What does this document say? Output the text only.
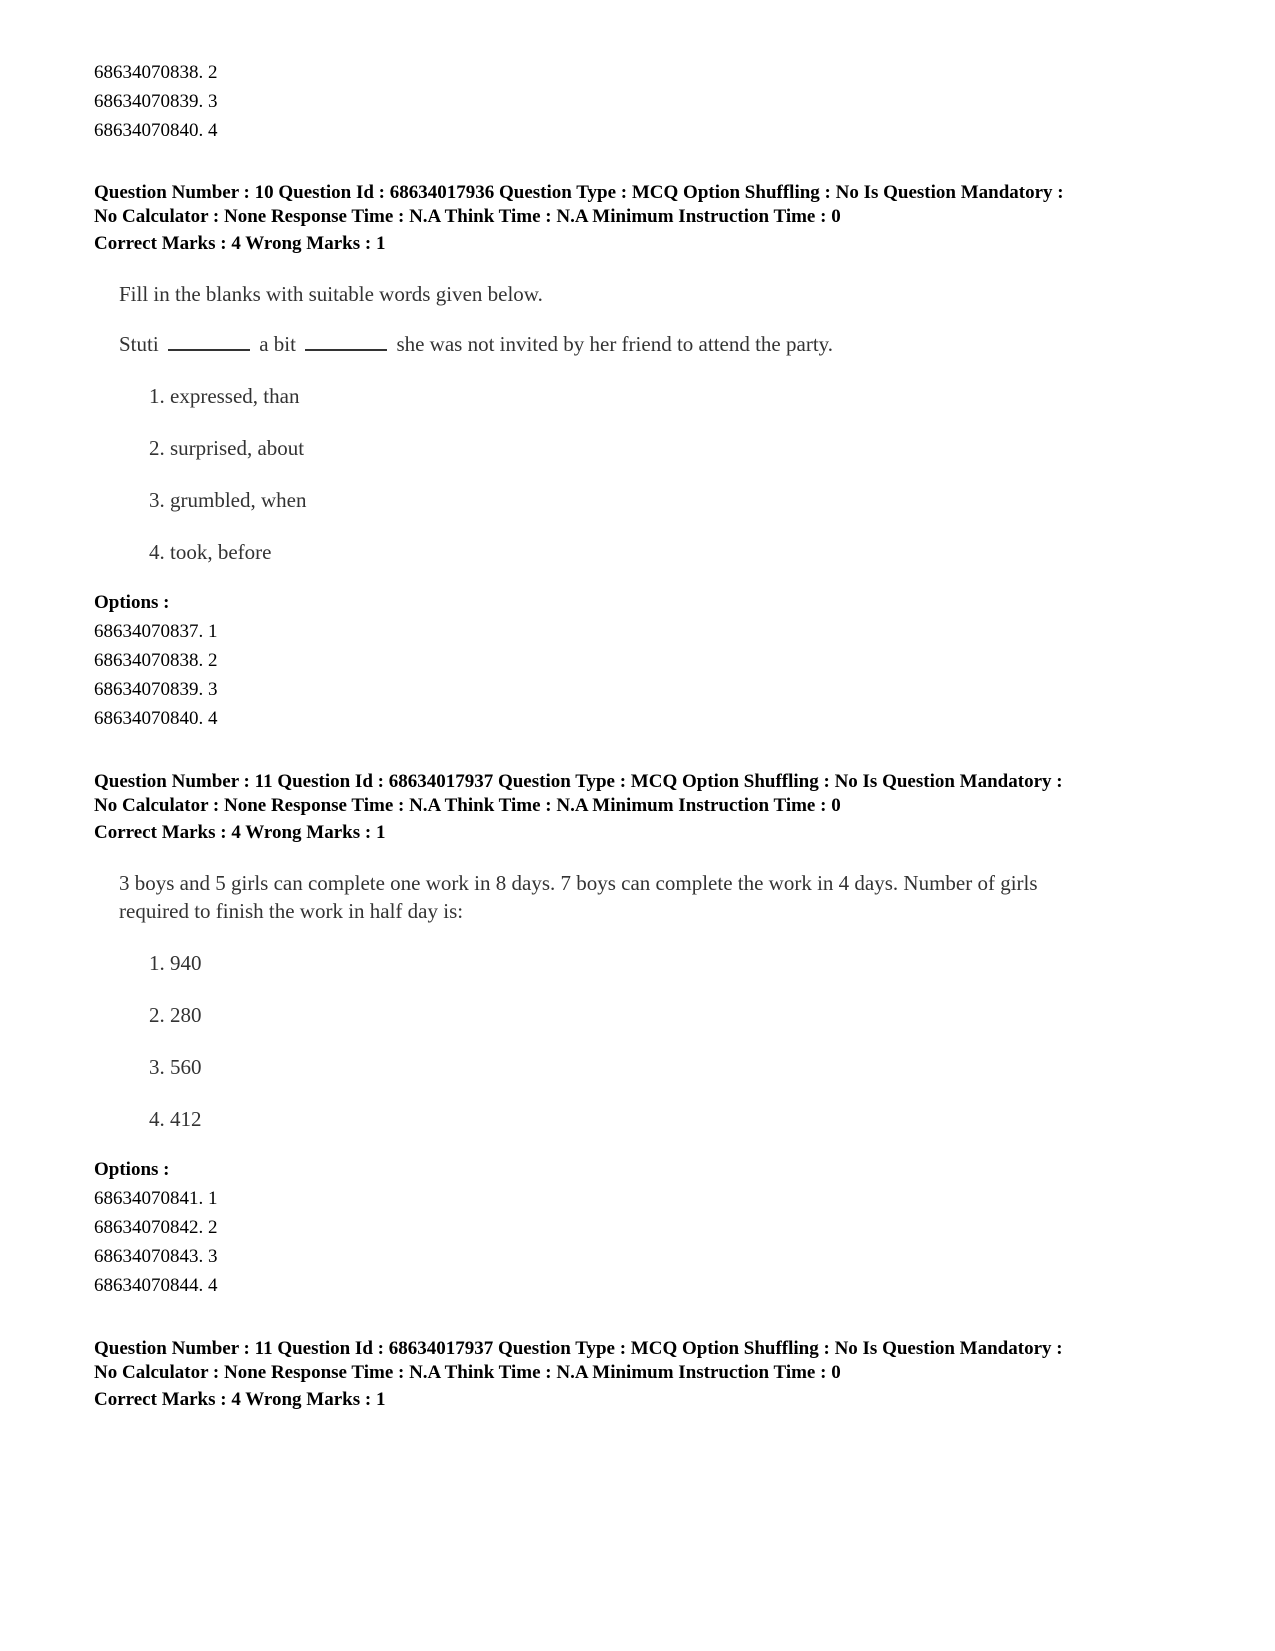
68634070838. 2
68634070839. 3
68634070840. 4
Question Number : 10 Question Id : 68634017936 Question Type : MCQ Option Shuffling : No Is Question Mandatory :
No Calculator : None Response Time : N.A Think Time : N.A Minimum Instruction Time : 0
Correct Marks : 4 Wrong Marks : 1
Fill in the blanks with suitable words given below.
Stuti	a bit	she was not invited by her friend to attend the party.
1. expressed, than
2. surprised, about
3. grumbled, when
4. took, before
Options :
68634070837. 1
68634070838. 2
68634070839. 3
68634070840. 4
Question Number : 11 Question Id : 68634017937 Question Type : MCQ Option Shuffling : No Is Question Mandatory :
No Calculator : None Response Time : N.A Think Time : N.A Minimum Instruction Time : 0
Correct Marks : 4 Wrong Marks : 1
3 boys and 5 girls can complete one work in 8 days. 7 boys can complete the work in 4 days. Number of girls
required to finish the work in half day is:
1. 940
2. 280
3. 560
4. 412
Options :
68634070841. 1
68634070842. 2
68634070843. 3
68634070844. 4
Question Number : 11 Question Id : 68634017937 Question Type : MCQ Option Shuffling : No Is Question Mandatory :
No Calculator : None Response Time : N.A Think Time : N.A Minimum Instruction Time : 0
Correct Marks : 4 Wrong Marks : 1
